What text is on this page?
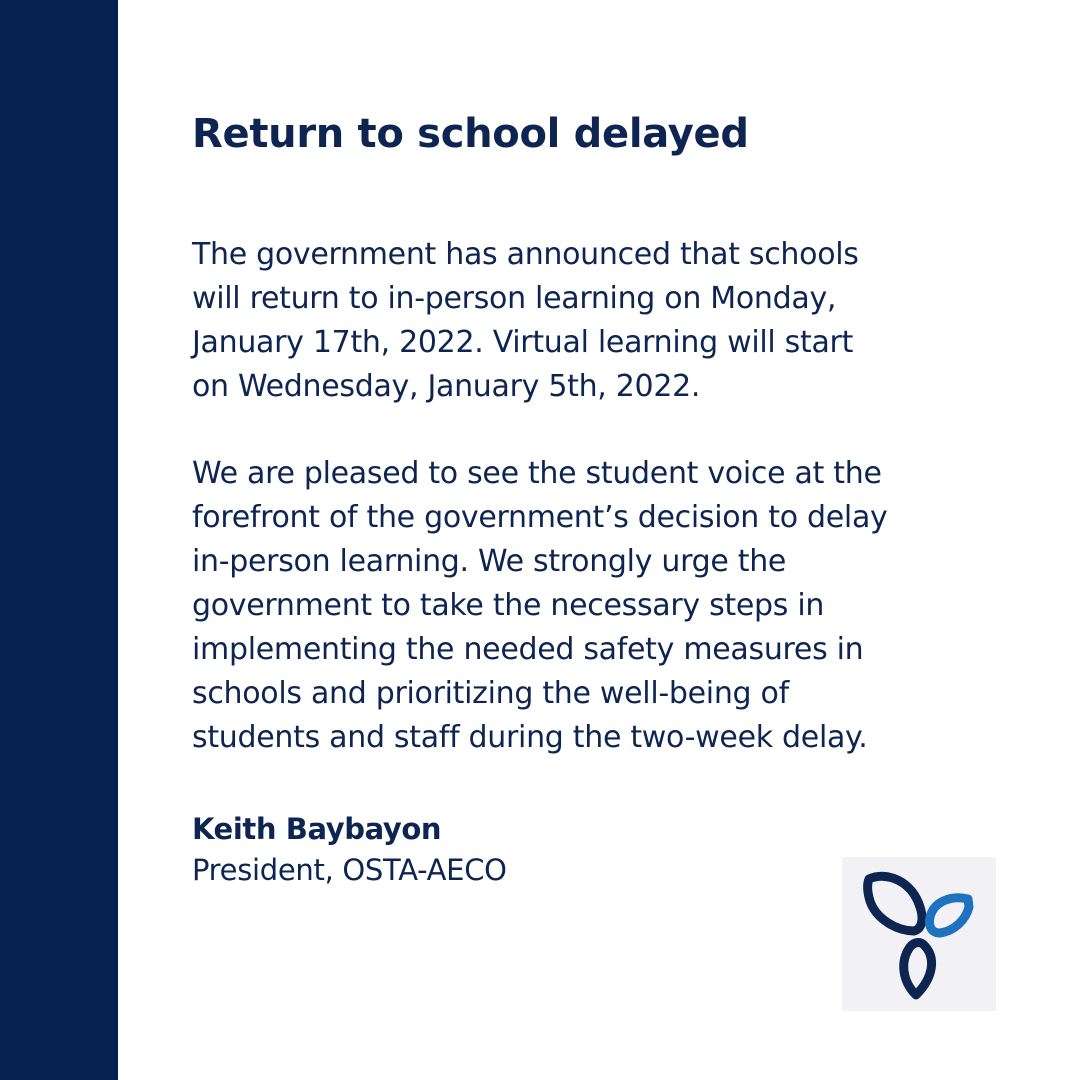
Return to school delayed

The government has announced that schools
will return to in-person learning on Monday,
January 17th, 2022. Virtual learning will start
on Wednesday, January 5th, 2022.

We are pleased to see the student voice at the
forefront of the government’s decision to delay
in-person learning. We strongly urge the
government to take the necessary steps in
implementing the needed safety measures in
schools and prioritizing the well-being of
students and staff during the two-week delay.

Keith Baybayon

President, OSTA-AECO
